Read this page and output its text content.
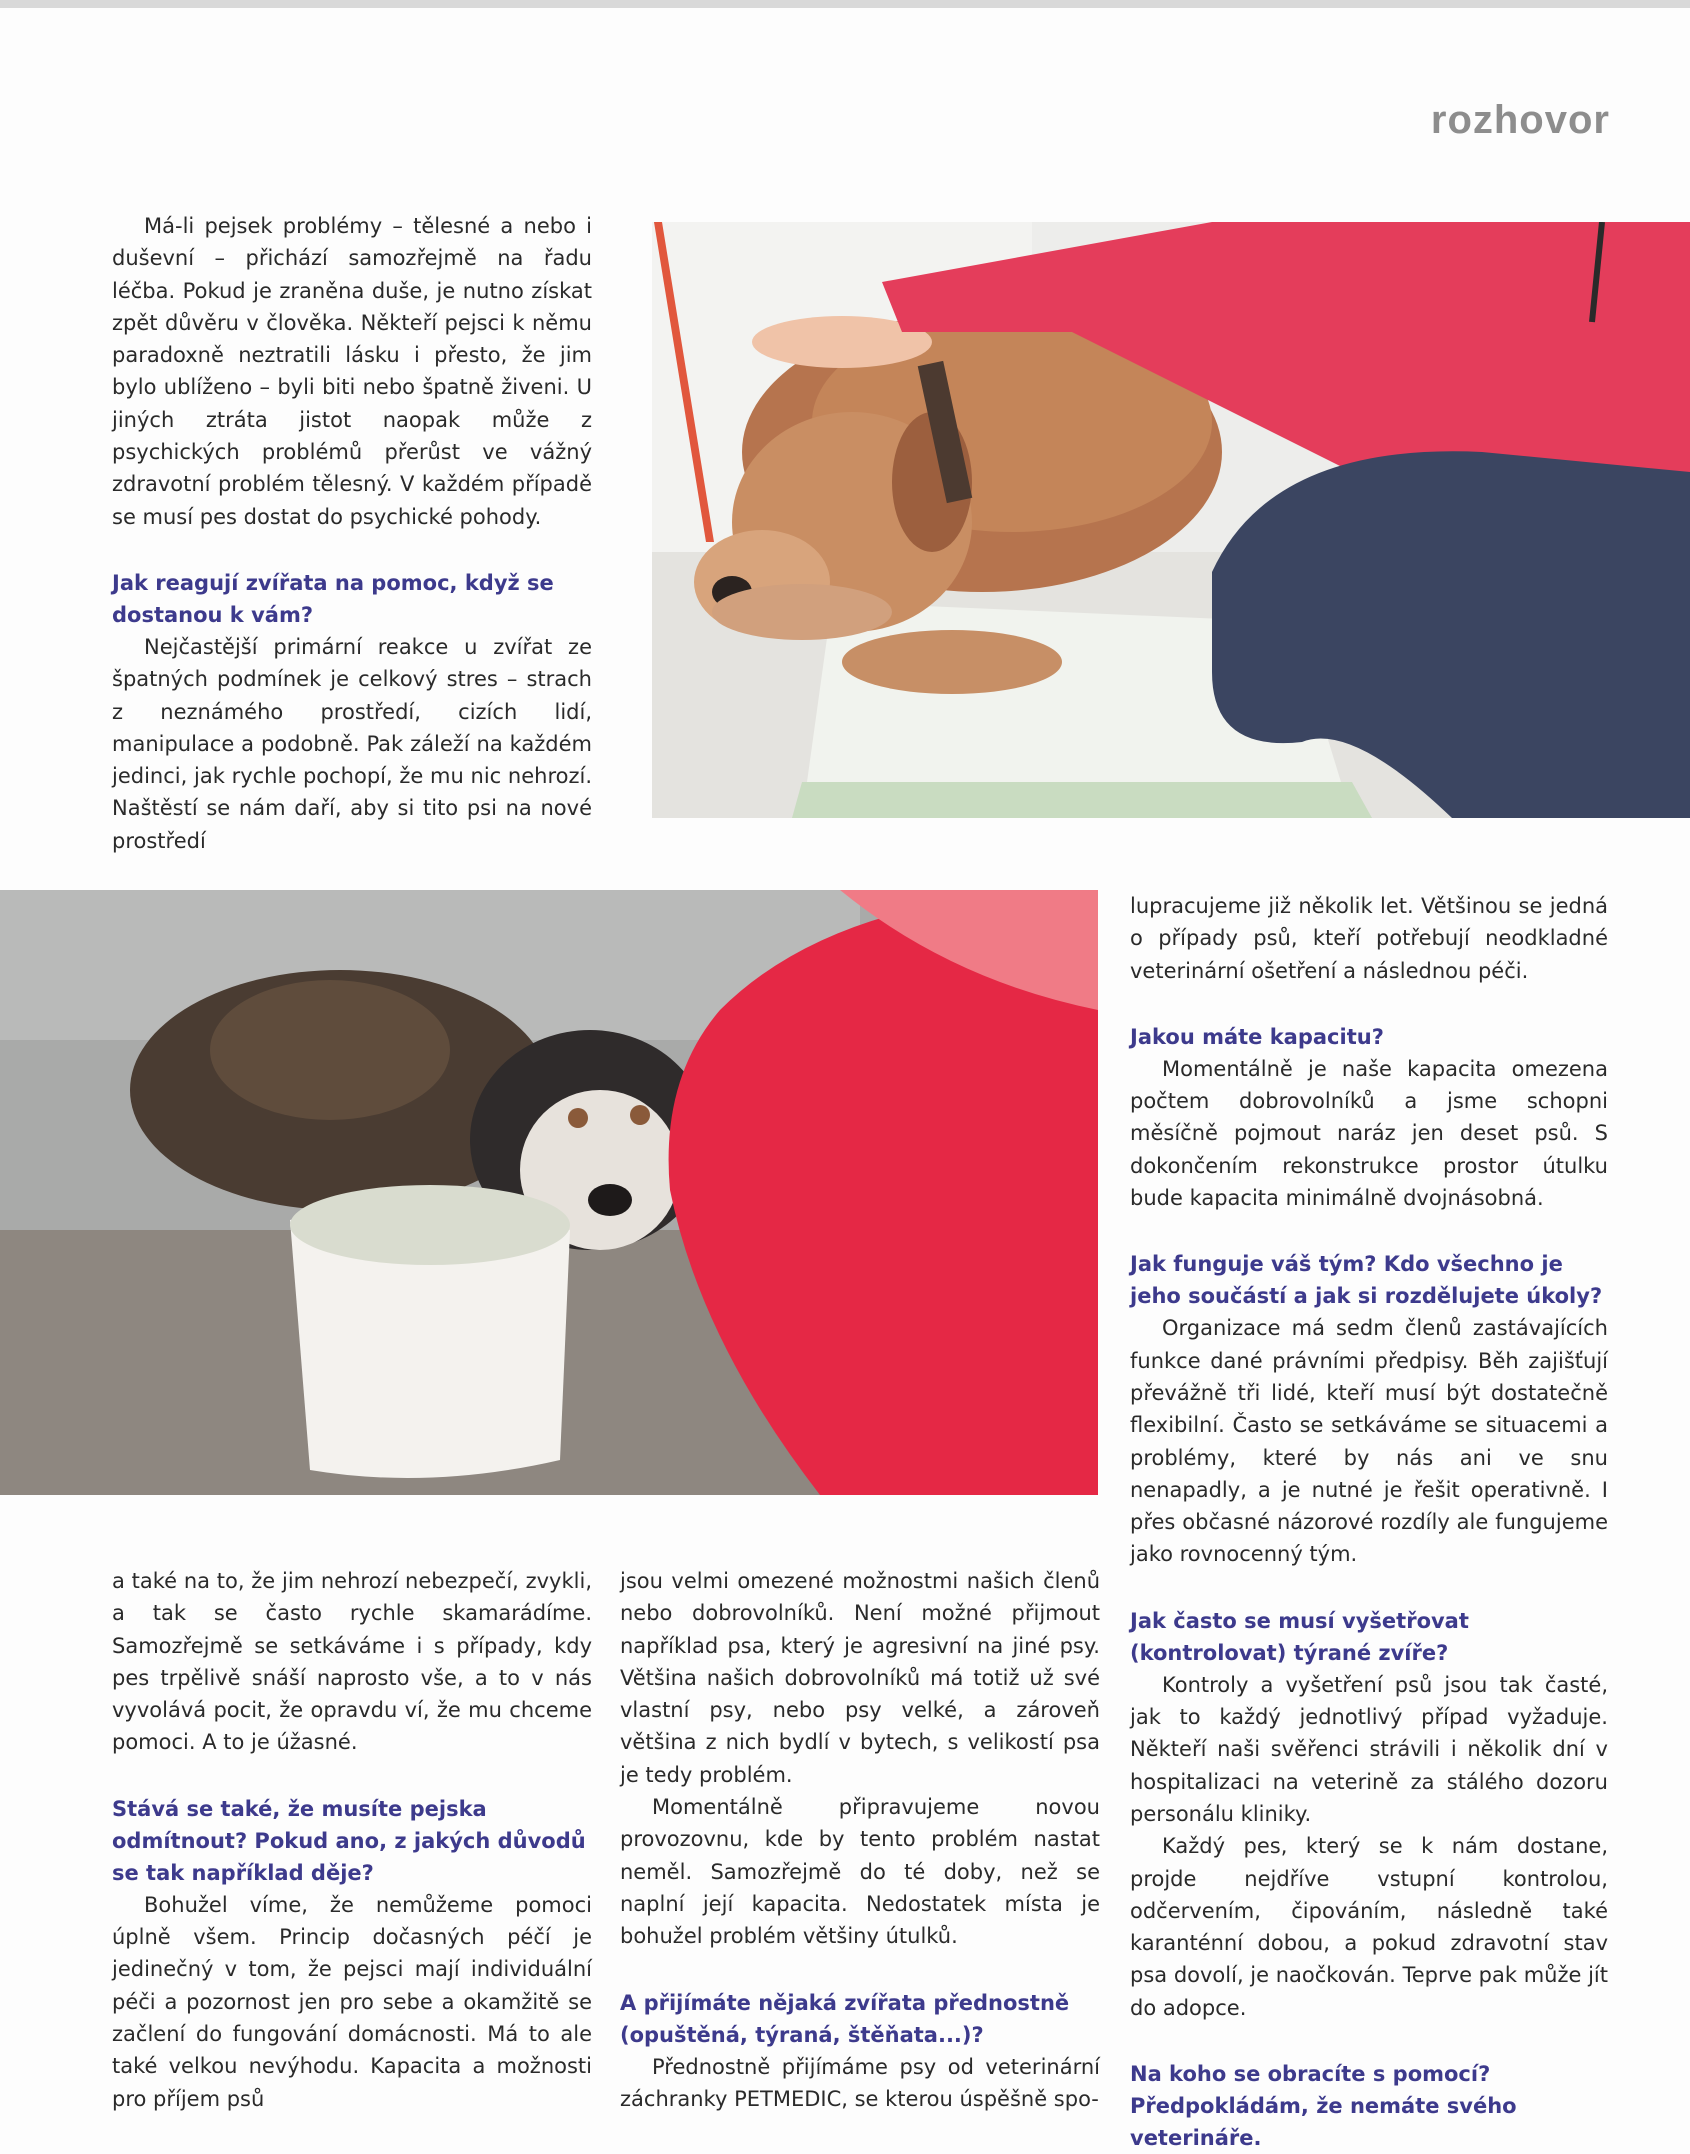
rozhovor

Má-li pejsek problémy – tělesné a nebo i duševní – přichází samozřejmě na řadu léčba. Pokud je zraněna duše, je nutno získat zpět důvěru v člověka. Někteří pejsci k němu paradoxně neztratili lásku i přesto, že jim bylo ublíženo – byli biti nebo špatně živeni. U jiných ztráta jistot naopak může z psychických problémů přerůst ve vážný zdravotní problém tělesný. V každém případě se musí pes dostat do psychické pohody.

Jak reagují zvířata na pomoc, když se dostanou k vám?

Nejčastější primární reakce u zvířat ze špatných podmínek je celkový stres – strach z neznámého prostředí, cizích lidí, manipulace a podobně. Pak záleží na každém jedinci, jak rychle pochopí, že mu nic nehrozí. Naštěstí se nám daří, aby si tito psi na nové prostředí

a také na to, že jim nehrozí nebezpečí, zvykli, a tak se často rychle skamarádíme. Samozřejmě se setkáváme i s případy, kdy pes trpělivě snáší naprosto vše, a to v nás vyvolává pocit, že opravdu ví, že mu chceme pomoci. A to je úžasné.

Stává se také, že musíte pejska odmítnout? Pokud ano, z jakých důvodů se tak například děje?

Bohužel víme, že nemůžeme pomoci úplně všem. Princip dočasných péčí je jedinečný v tom, že pejsci mají individuální péči a pozornost jen pro sebe a okamžitě se začlení do fungování domácnosti. Má to ale také velkou nevýhodu. Kapacita a možnosti pro příjem psů

jsou velmi omezené možnostmi našich členů nebo dobrovolníků. Není možné přijmout například psa, který je agresivní na jiné psy. Většina našich dobrovolníků má totiž už své vlastní psy, nebo psy velké, a zároveň většina z nich bydlí v bytech, s velikostí psa je tedy problém.

Momentálně připravujeme novou provozovnu, kde by tento problém nastat neměl. Samozřejmě do té doby, než se naplní její kapacita. Nedostatek místa je bohužel problém většiny útulků.

A přijímáte nějaká zvířata přednostně (opuštěná, týraná, štěňata...)?

Přednostně přijímáme psy od veterinární záchranky PETMEDIC, se kterou úspěšně spo-

lupracujeme již několik let. Většinou se jedná o případy psů, kteří potřebují neodkladné veterinární ošetření a následnou péči.

Jakou máte kapacitu?

Momentálně je naše kapacita omezena počtem dobrovolníků a jsme schopni měsíčně pojmout naráz jen deset psů. S dokončením rekonstrukce prostor útulku bude kapacita minimálně dvojnásobná.

Jak funguje váš tým? Kdo všechno je jeho součástí a jak si rozdělujete úkoly?

Organizace má sedm členů zastávajících funkce dané právními předpisy. Běh zajišťují převážně tři lidé, kteří musí být dostatečně flexibilní. Často se setkáváme se situacemi a problémy, které by nás ani ve snu nenapadly, a je nutné je řešit operativně. I přes občasné názorové rozdíly ale fungujeme jako rovnocenný tým.

Jak často se musí vyšetřovat (kontrolovat) týrané zvíře?

Kontroly a vyšetření psů jsou tak časté, jak to každý jednotlivý případ vyžaduje. Někteří naši svěřenci strávili i několik dní v hospitalizaci na veterině za stálého dozoru personálu kliniky.

Každý pes, který se k nám dostane, projde nejdříve vstupní kontrolou, odčervením, čipováním, následně také karanténní dobou, a pokud zdravotní stav psa dovolí, je naočkován. Teprve pak může jít do adopce.

Na koho se obracíte s pomocí? Předpokládám, že nemáte svého veterináře.
